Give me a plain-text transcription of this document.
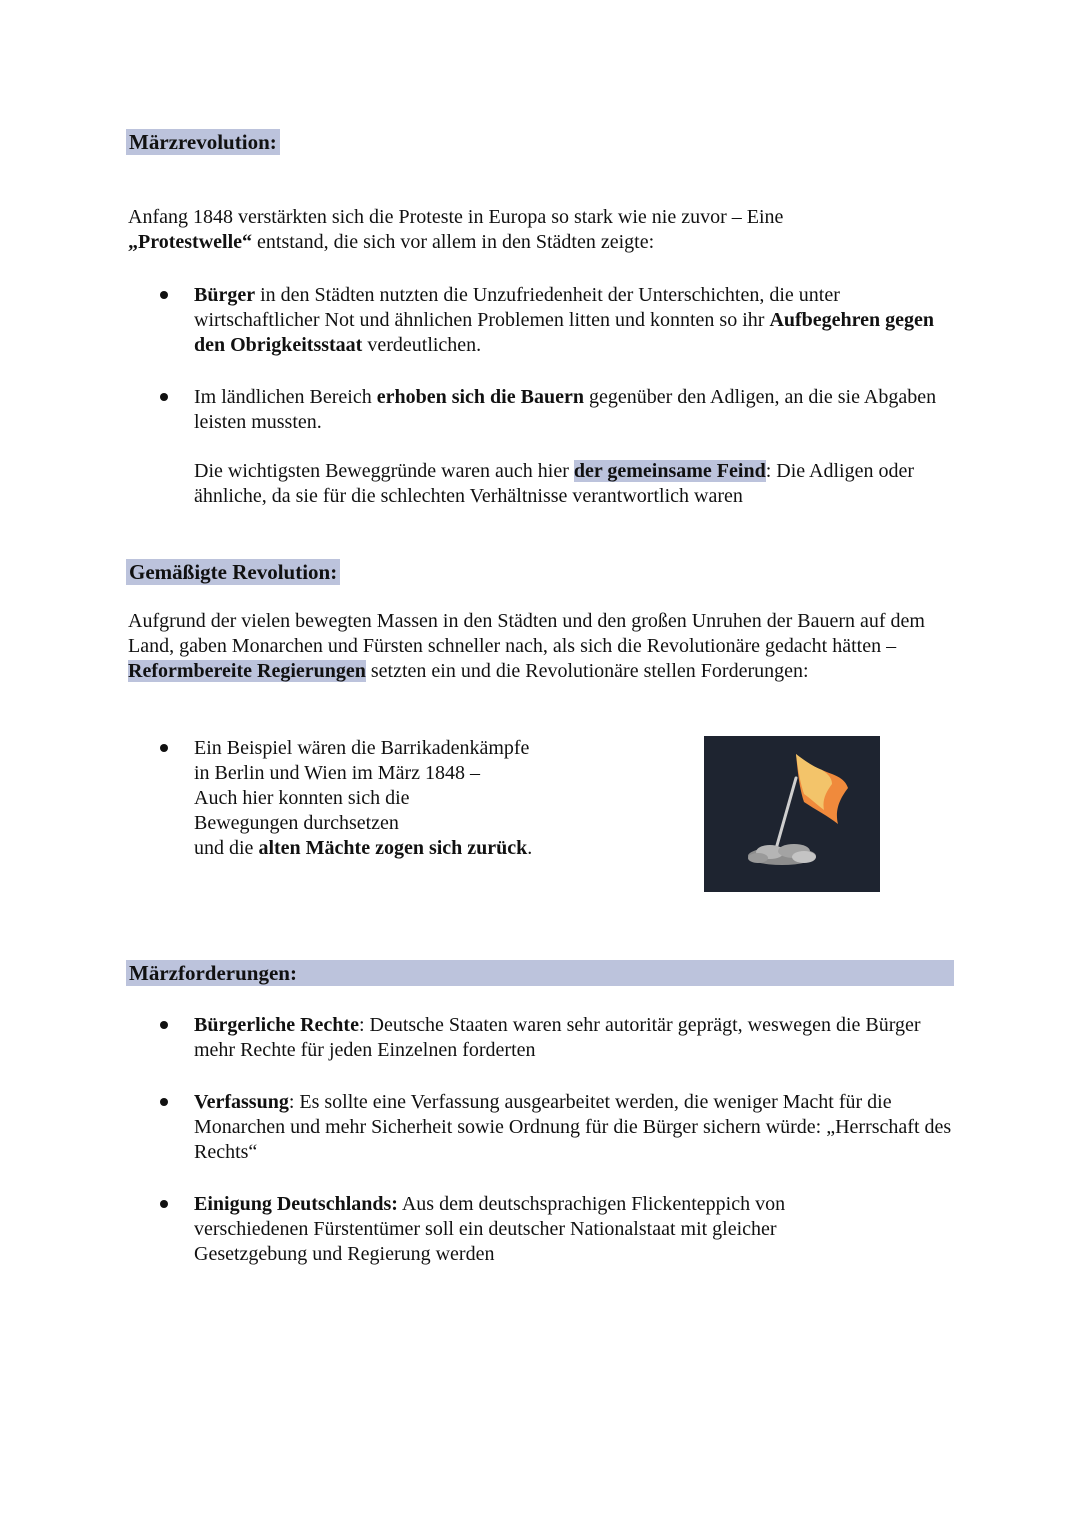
Märzrevolution:
Anfang 1848 verstärkten sich die Proteste in Europa so stark wie nie zuvor – Eine
„Protestwelle“ entstand, die sich vor allem in den Städten zeigte:
Bürger in den Städten nutzten die Unzufriedenheit der Unterschichten, die unter wirtschaftlicher Not und ähnlichen Problemen litten und konnten so ihr Aufbegehren gegen den Obrigkeitsstaat verdeutlichen.
Im ländlichen Bereich erhoben sich die Bauern gegenüber den Adligen, an die sie Abgaben leisten mussten.
Die wichtigsten Beweggründe waren auch hier der gemeinsame Feind: Die Adligen oder ähnliche, da sie für die schlechten Verhältnisse verantwortlich waren
Gemäßigte Revolution:
Aufgrund der vielen bewegten Massen in den Städten und den großen Unruhen der Bauern auf dem Land, gaben Monarchen und Fürsten schneller nach, als sich die Revolutionäre gedacht hätten – Reformbereite Regierungen setzten ein und die Revolutionäre stellen Forderungen:
Ein Beispiel wären die Barrikadenkämpfe
in Berlin und Wien im März 1848 –
Auch hier konnten sich die
Bewegungen durchsetzen
und die alten Mächte zogen sich zurück.
Märzforderungen:
Bürgerliche Rechte: Deutsche Staaten waren sehr autoritär geprägt, weswegen die Bürger mehr Rechte für jeden Einzelnen forderten
Verfassung: Es sollte eine Verfassung ausgearbeitet werden, die weniger Macht für die Monarchen und mehr Sicherheit sowie Ordnung für die Bürger sichern würde: „Herrschaft des Rechts“
Einigung Deutschlands: Aus dem deutschsprachigen Flickenteppich von verschiedenen Fürstentümer soll ein deutscher Nationalstaat mit gleicher Gesetzgebung und Regierung werden
